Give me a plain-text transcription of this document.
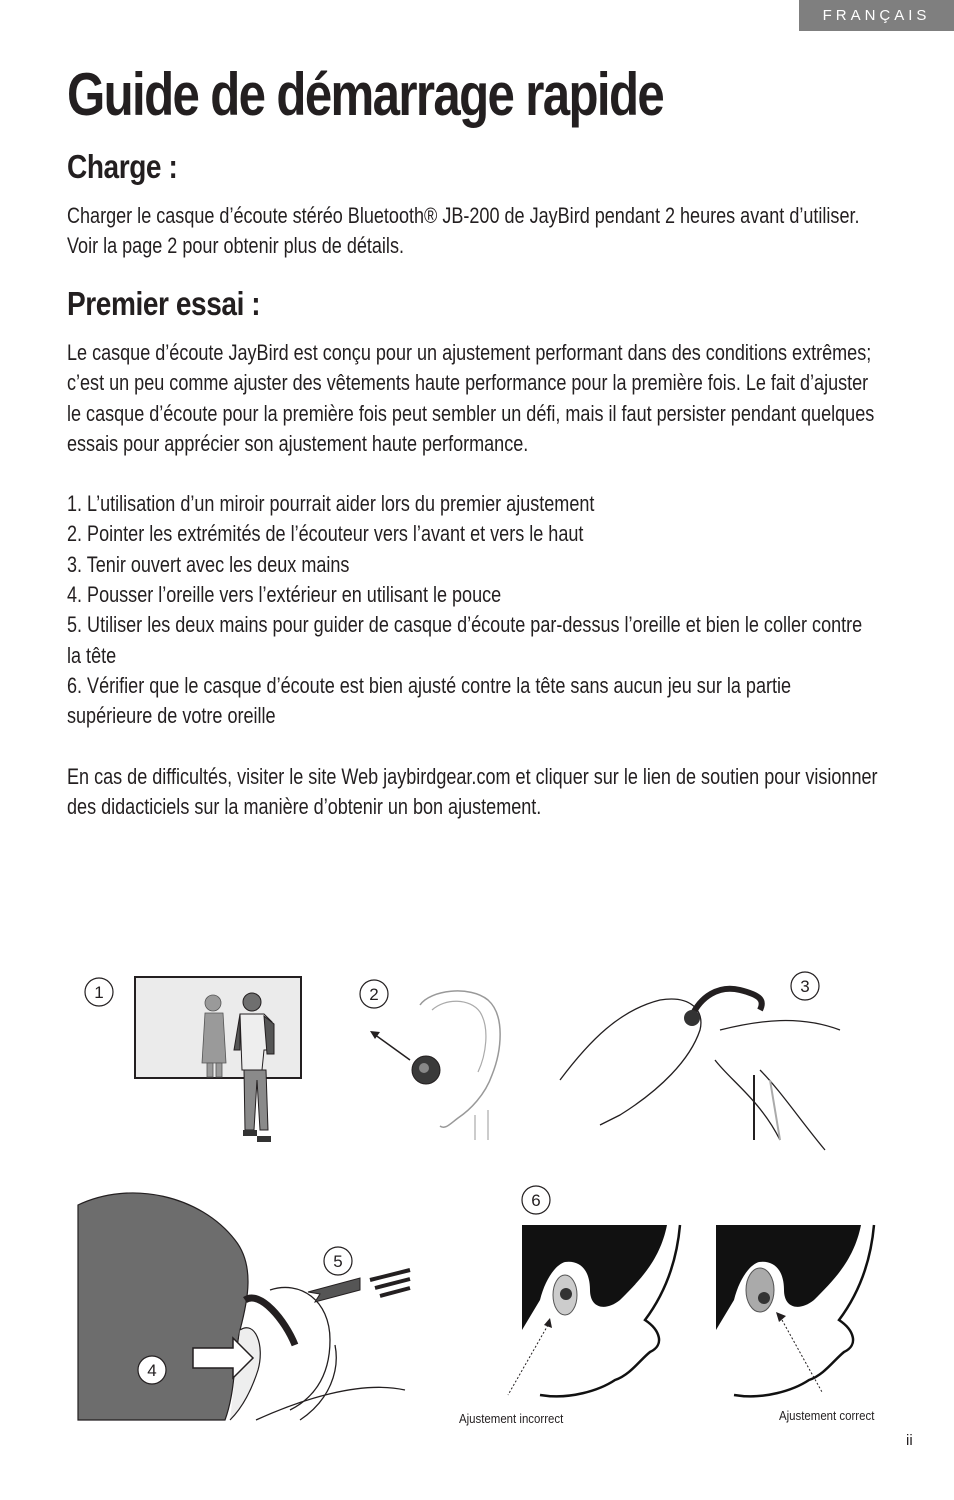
FRANÇAIS
Guide de démarrage rapide
Charge :

Charger le casque d’écoute stéréo Bluetooth® JB-200 de JayBird pendant 2 heures avant d’utiliser. Voir la page 2 pour obtenir plus de détails.

Premier essai :

Le casque d’écoute JayBird est conçu pour un ajustement performant dans des conditions extrêmes; c’est un peu comme ajuster des vêtements haute performance pour la première fois. Le fait d’ajuster le casque d’écoute pour la première fois peut sembler un défi, mais il faut persister pendant quelques essais pour apprécier son ajustement haute performance.

1. L’utilisation d’un miroir pourrait aider lors du premier ajustement

2. Pointer les extrémités de l’écouteur vers l’avant et vers le haut

3. Tenir ouvert avec les deux mains

4. Pousser l’oreille vers l’extérieur en utilisant le pouce

5. Utiliser les deux mains pour guider de casque d’écoute par-dessus l’oreille et bien le coller contre la tête

6. Vérifier que le casque d’écoute est bien ajusté contre la tête sans aucun jeu sur la partie supérieure de votre oreille

En cas de difficultés, visiter le site Web jaybirdgear.com et cliquer sur le lien de soutien pour visionner des didacticiels sur la manière d’obtenir un bon ajustement.

1	2	3
4
5
6
Ajustement incorrect	Ajustement correct
ii
